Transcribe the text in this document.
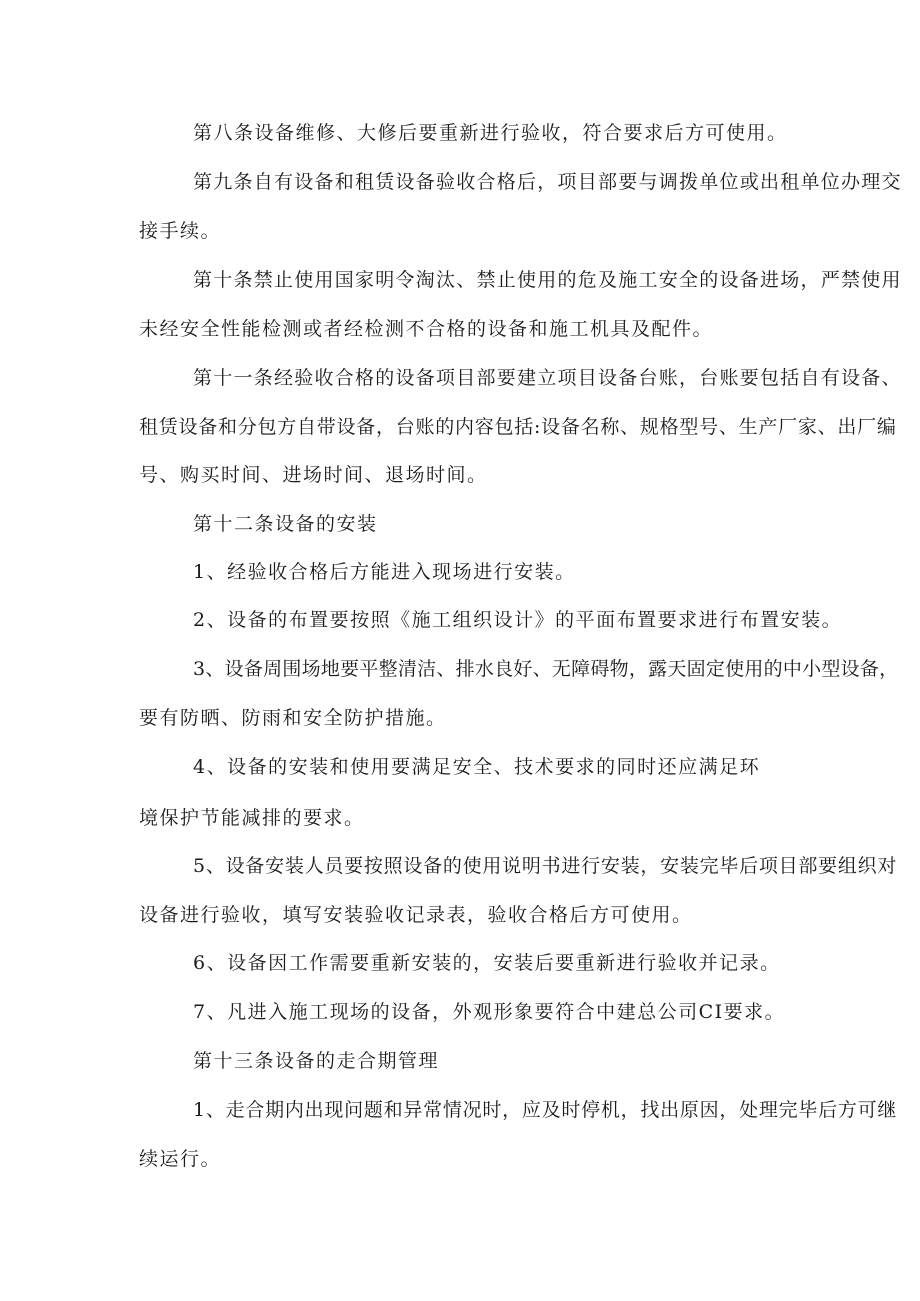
第八条设备维修、大修后要重新进行验收，符合要求后方可使用。
第九条自有设备和租赁设备验收合格后，项目部要与调拨单位或出租单位办理交
接手续。
第十条禁止使用国家明令淘汰、禁止使用的危及施工安全的设备进场，严禁使用
未经安全性能检测或者经检测不合格的设备和施工机具及配件。
第十一条经验收合格的设备项目部要建立项目设备台账，台账要包括自有设备、
租赁设备和分包方自带设备，台账的内容包括:设备名称、规格型号、生产厂家、出厂编
号、购买时间、进场时间、退场时间。
第十二条设备的安装
1、经验收合格后方能进入现场进行安装。
2、设备的布置要按照《施工组织设计》的平面布置要求进行布置安装。
3、设备周围场地要平整清洁、排水良好、无障碍物，露天固定使用的中小型设备，
要有防晒、防雨和安全防护措施。
4、设备的安装和使用要满足安全、技术要求的同时还应满足环
境保护节能减排的要求。
5、设备安装人员要按照设备的使用说明书进行安装，安装完毕后项目部要组织对
设备进行验收，填写安装验收记录表，验收合格后方可使用。
6、设备因工作需要重新安装的，安装后要重新进行验收并记录。
7、凡进入施工现场的设备，外观形象要符合中建总公司CI要求。
第十三条设备的走合期管理
1、走合期内出现问题和异常情况时，应及时停机，找出原因，处理完毕后方可继
续运行。
